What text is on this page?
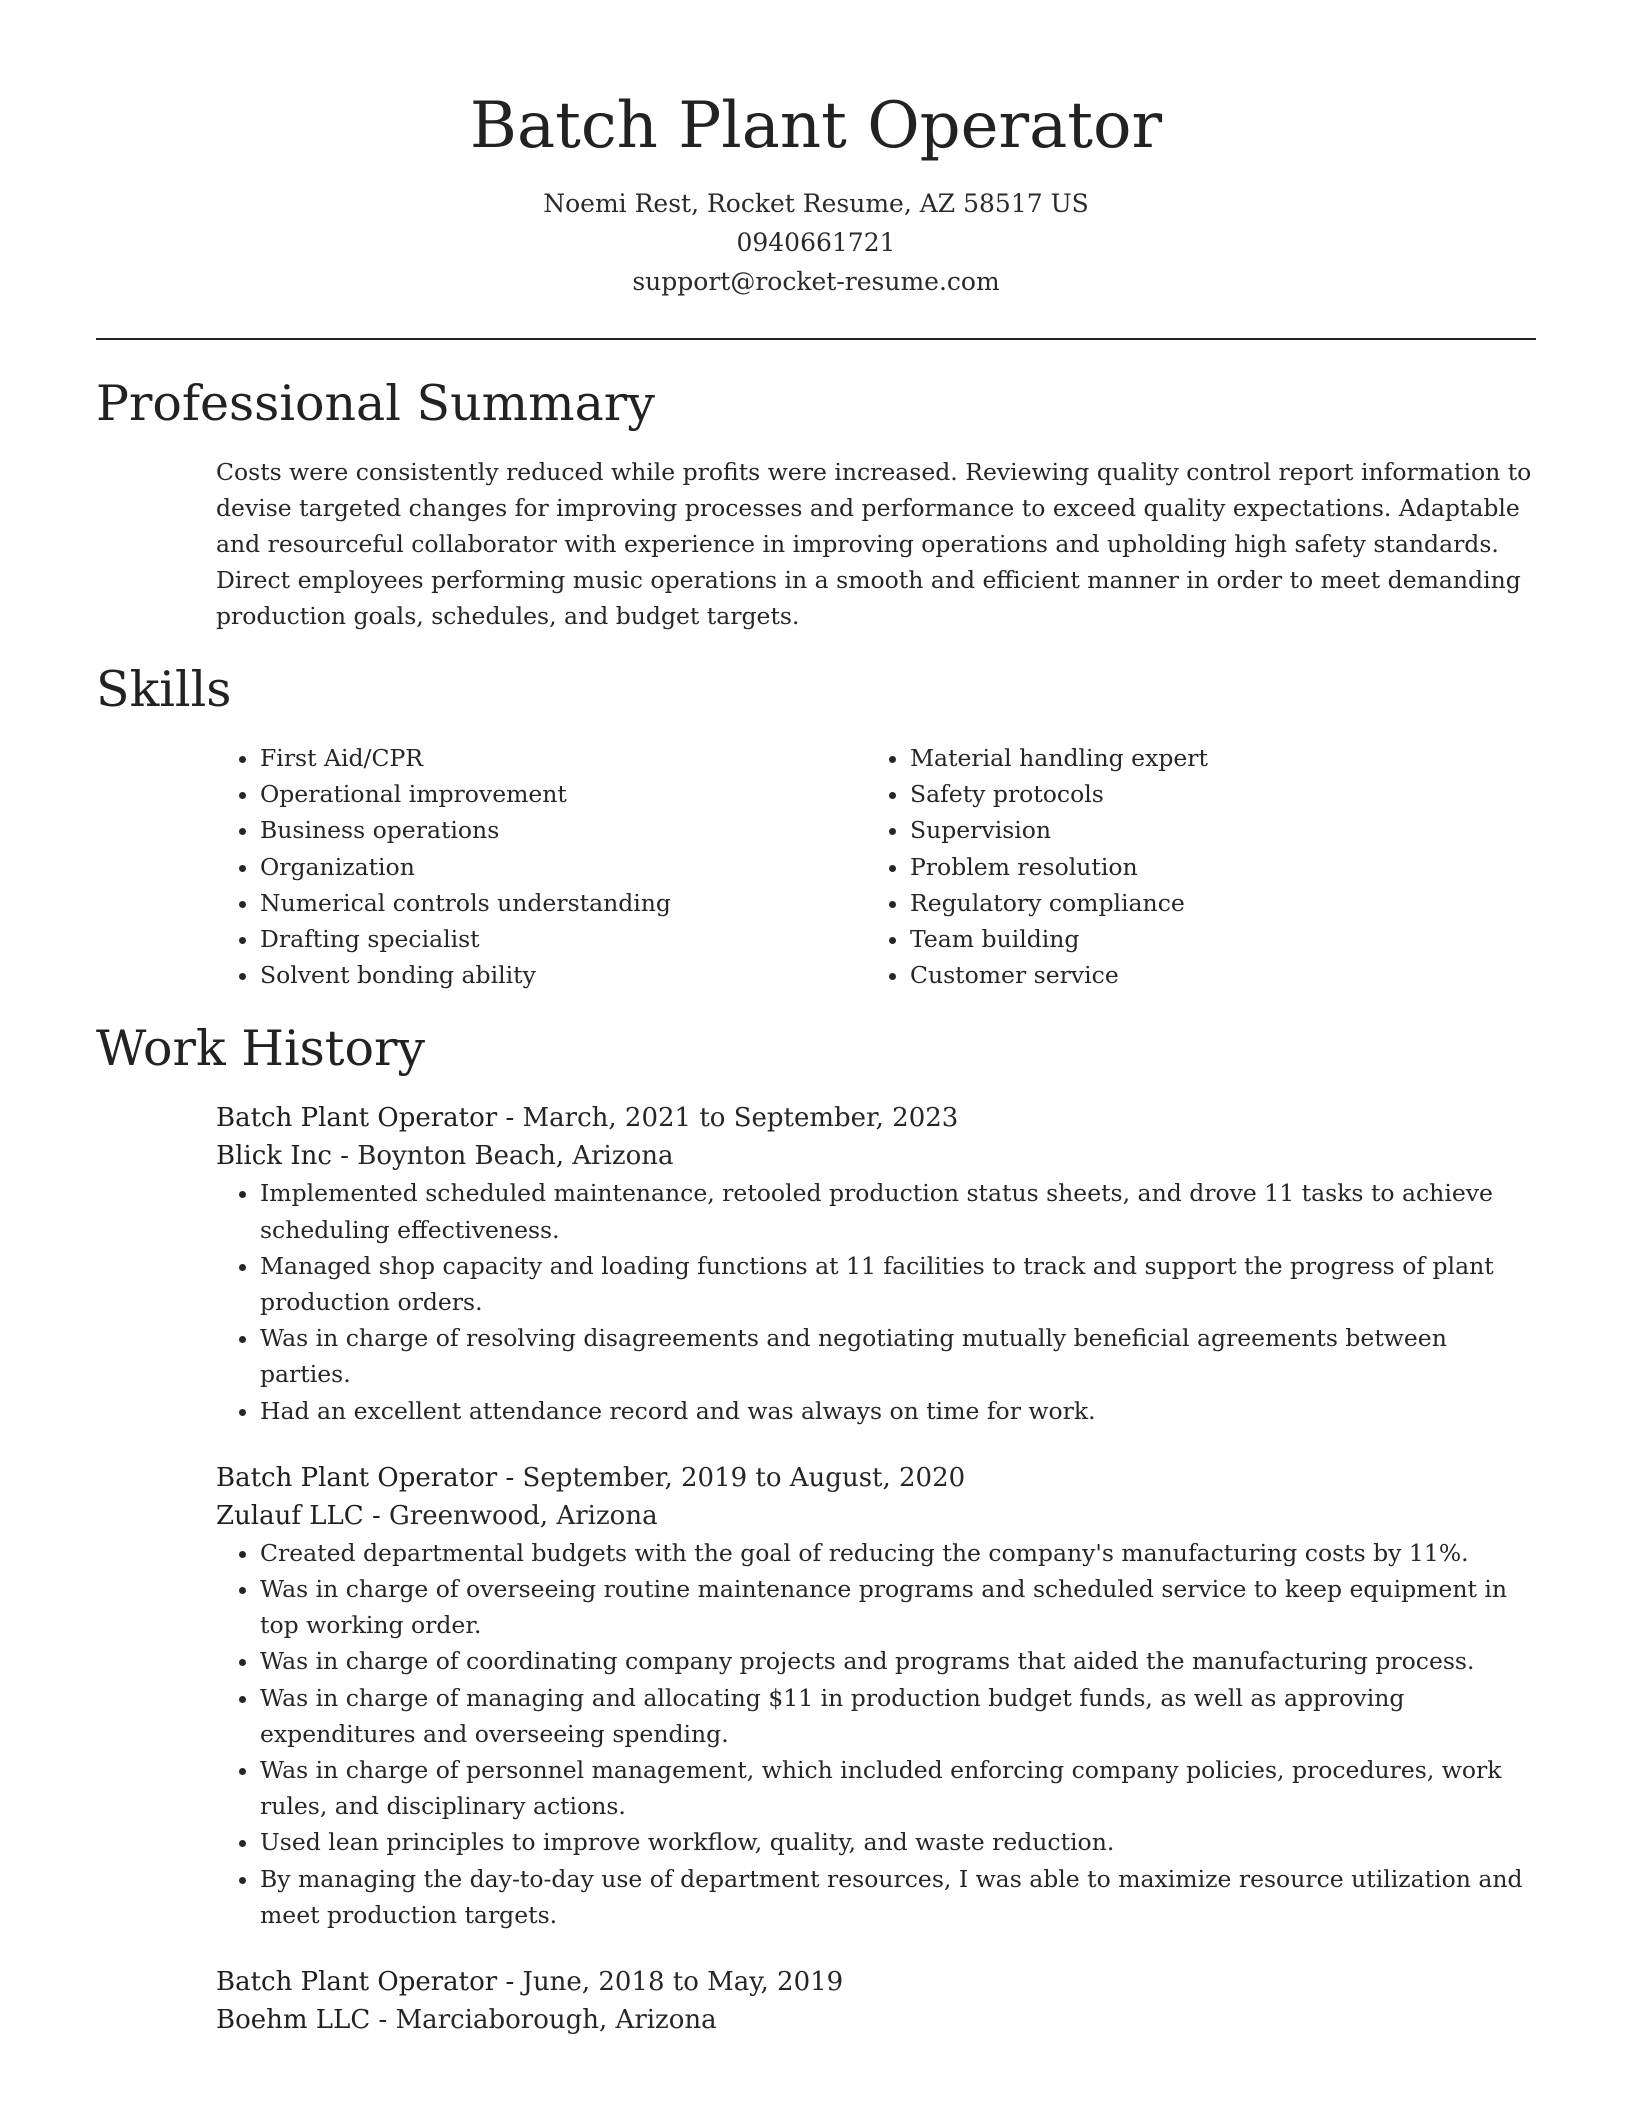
Batch Plant Operator
Noemi Rest, Rocket Resume, AZ 58517 US
0940661721
support@rocket-resume.com
Professional Summary
Costs were consistently reduced while profits were increased. Reviewing quality control report information to devise targeted changes for improving processes and performance to exceed quality expectations. Adaptable and resourceful collaborator with experience in improving operations and upholding high safety standards. Direct employees performing music operations in a smooth and efficient manner in order to meet demanding production goals, schedules, and budget targets.
Skills
• First Aid/CPR
• Operational improvement
• Business operations
• Organization
• Numerical controls understanding
• Drafting specialist
• Solvent bonding ability
• Material handling expert
• Safety protocols
• Supervision
• Problem resolution
• Regulatory compliance
• Team building
• Customer service
Work History
Batch Plant Operator - March, 2021 to September, 2023
Blick Inc - Boynton Beach, Arizona
• Implemented scheduled maintenance, retooled production status sheets, and drove 11 tasks to achieve scheduling effectiveness.
• Managed shop capacity and loading functions at 11 facilities to track and support the progress of plant production orders.
• Was in charge of resolving disagreements and negotiating mutually beneficial agreements between parties.
• Had an excellent attendance record and was always on time for work.
Batch Plant Operator - September, 2019 to August, 2020
Zulauf LLC - Greenwood, Arizona
• Created departmental budgets with the goal of reducing the company's manufacturing costs by 11%.
• Was in charge of overseeing routine maintenance programs and scheduled service to keep equipment in top working order.
• Was in charge of coordinating company projects and programs that aided the manufacturing process.
• Was in charge of managing and allocating $11 in production budget funds, as well as approving expenditures and overseeing spending.
• Was in charge of personnel management, which included enforcing company policies, procedures, work rules, and disciplinary actions.
• Used lean principles to improve workflow, quality, and waste reduction.
• By managing the day-to-day use of department resources, I was able to maximize resource utilization and meet production targets.
Batch Plant Operator - June, 2018 to May, 2019
Boehm LLC - Marciaborough, Arizona
